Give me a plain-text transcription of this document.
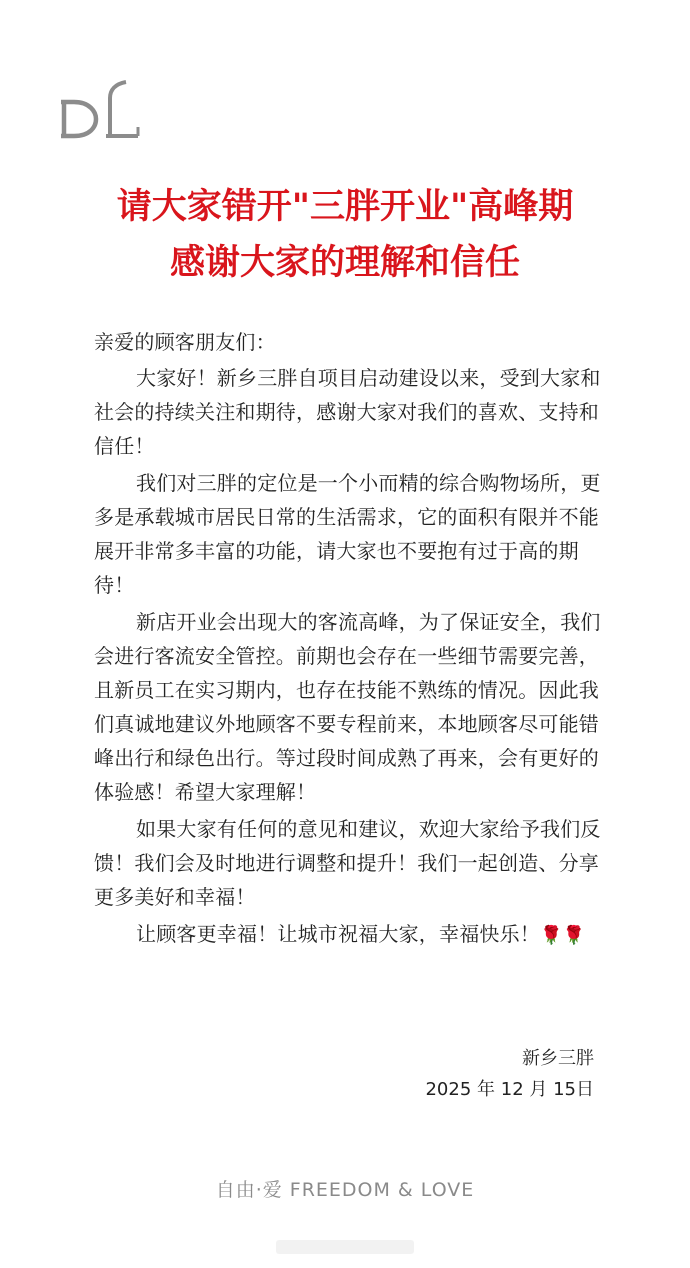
请大家错开"三胖开业"高峰期
感谢大家的理解和信任

亲爱的顾客朋友们：

大家好！新乡三胖自项目启动建设以来，受到大家和社会的持续关注和期待，感谢大家对我们的喜欢、支持和信任！

我们对三胖的定位是一个小而精的综合购物场所，更多是承载城市居民日常的生活需求，它的面积有限并不能展开非常多丰富的功能，请大家也不要抱有过于高的期待！

新店开业会出现大的客流高峰，为了保证安全，我们会进行客流安全管控。前期也会存在一些细节需要完善，且新员工在实习期内，也存在技能不熟练的情况。因此我们真诚地建议外地顾客不要专程前来，本地顾客尽可能错峰出行和绿色出行。等过段时间成熟了再来，会有更好的体验感！希望大家理解！

如果大家有任何的意见和建议，欢迎大家给予我们反馈！我们会及时地进行调整和提升！我们一起创造、分享更多美好和幸福！

让顾客更幸福！让城市祝福大家，幸福快乐！🌹🌹

新乡三胖
2025 年 12 月 15日
自由·爱 FREEDOM & LOVE
